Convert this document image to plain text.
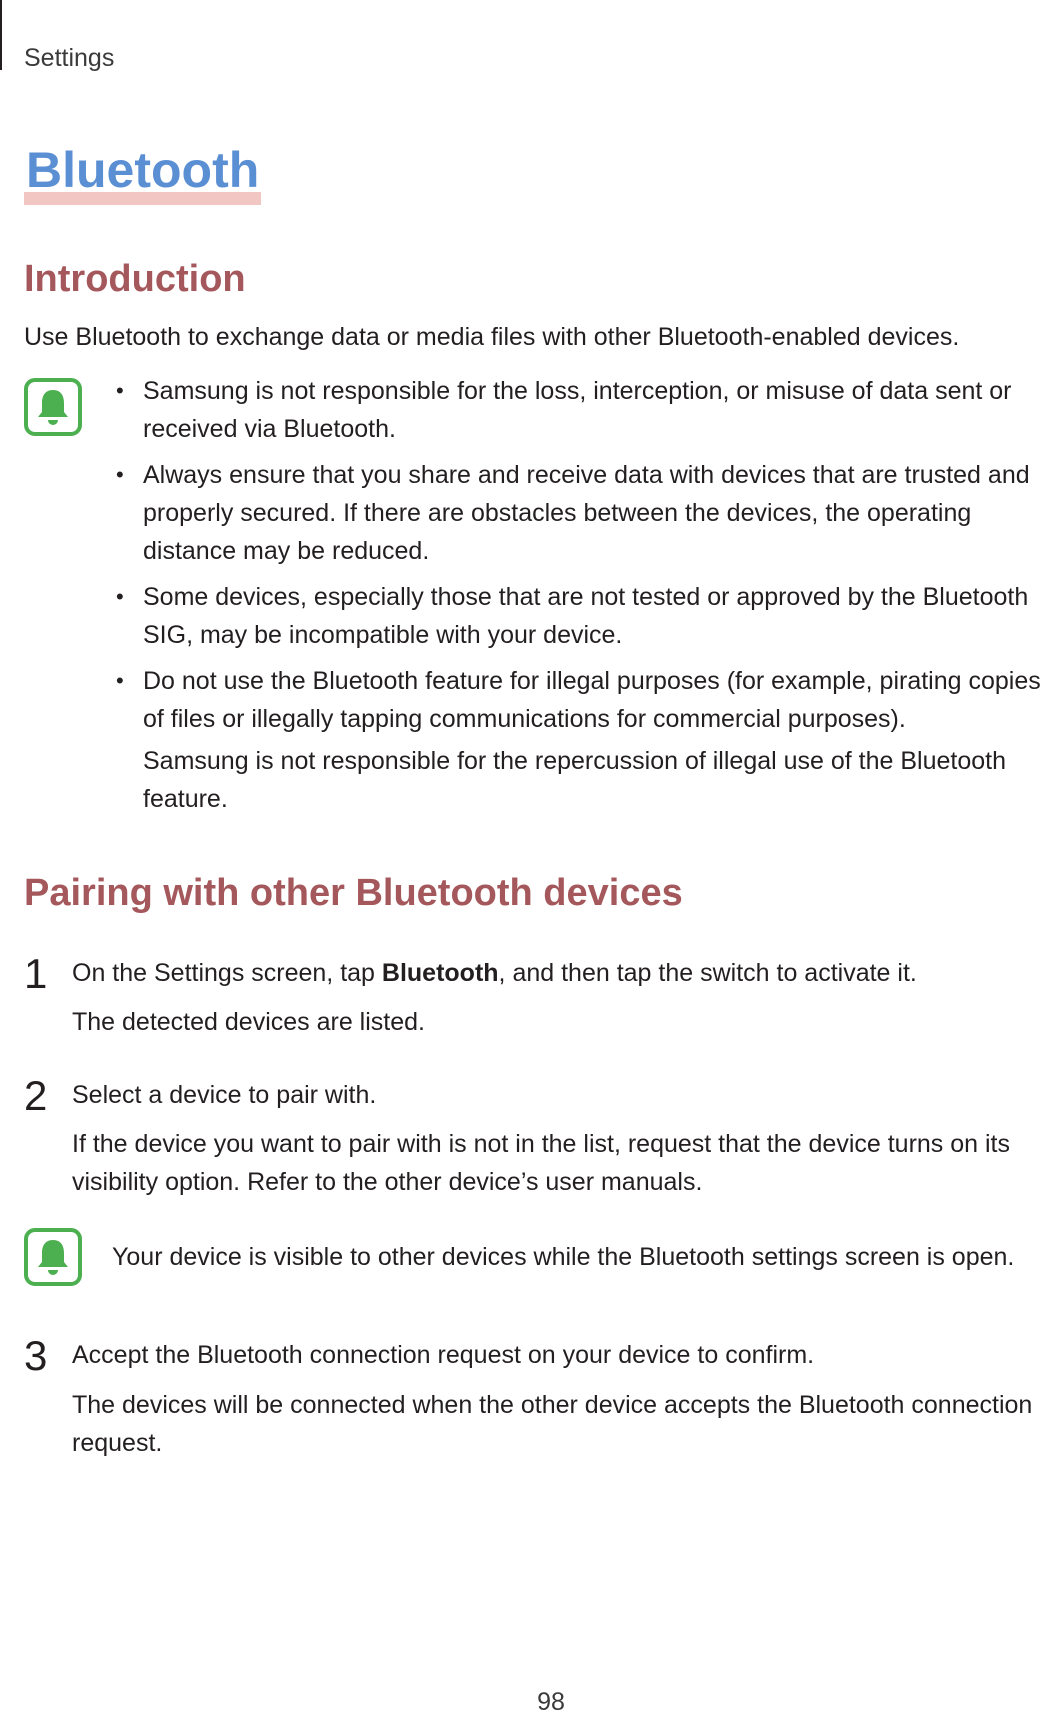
Settings
Bluetooth
Introduction

Use Bluetooth to exchange data or media files with other Bluetooth-enabled devices.

• Samsung is not responsible for the loss, interception, or misuse of data sent or received via Bluetooth.
• Always ensure that you share and receive data with devices that are trusted and properly secured. If there are obstacles between the devices, the operating distance may be reduced.
• Some devices, especially those that are not tested or approved by the Bluetooth SIG, may be incompatible with your device.
• Do not use the Bluetooth feature for illegal purposes (for example, pirating copies of files or illegally tapping communications for commercial purposes).
Samsung is not responsible for the repercussion of illegal use of the Bluetooth feature.
Pairing with other Bluetooth devices
1 On the Settings screen, tap Bluetooth, and then tap the switch to activate it.
The detected devices are listed.
2 Select a device to pair with.
If the device you want to pair with is not in the list, request that the device turns on its visibility option. Refer to the other device’s user manuals.
Your device is visible to other devices while the Bluetooth settings screen is open.
3 Accept the Bluetooth connection request on your device to confirm.
The devices will be connected when the other device accepts the Bluetooth connection request.
98
